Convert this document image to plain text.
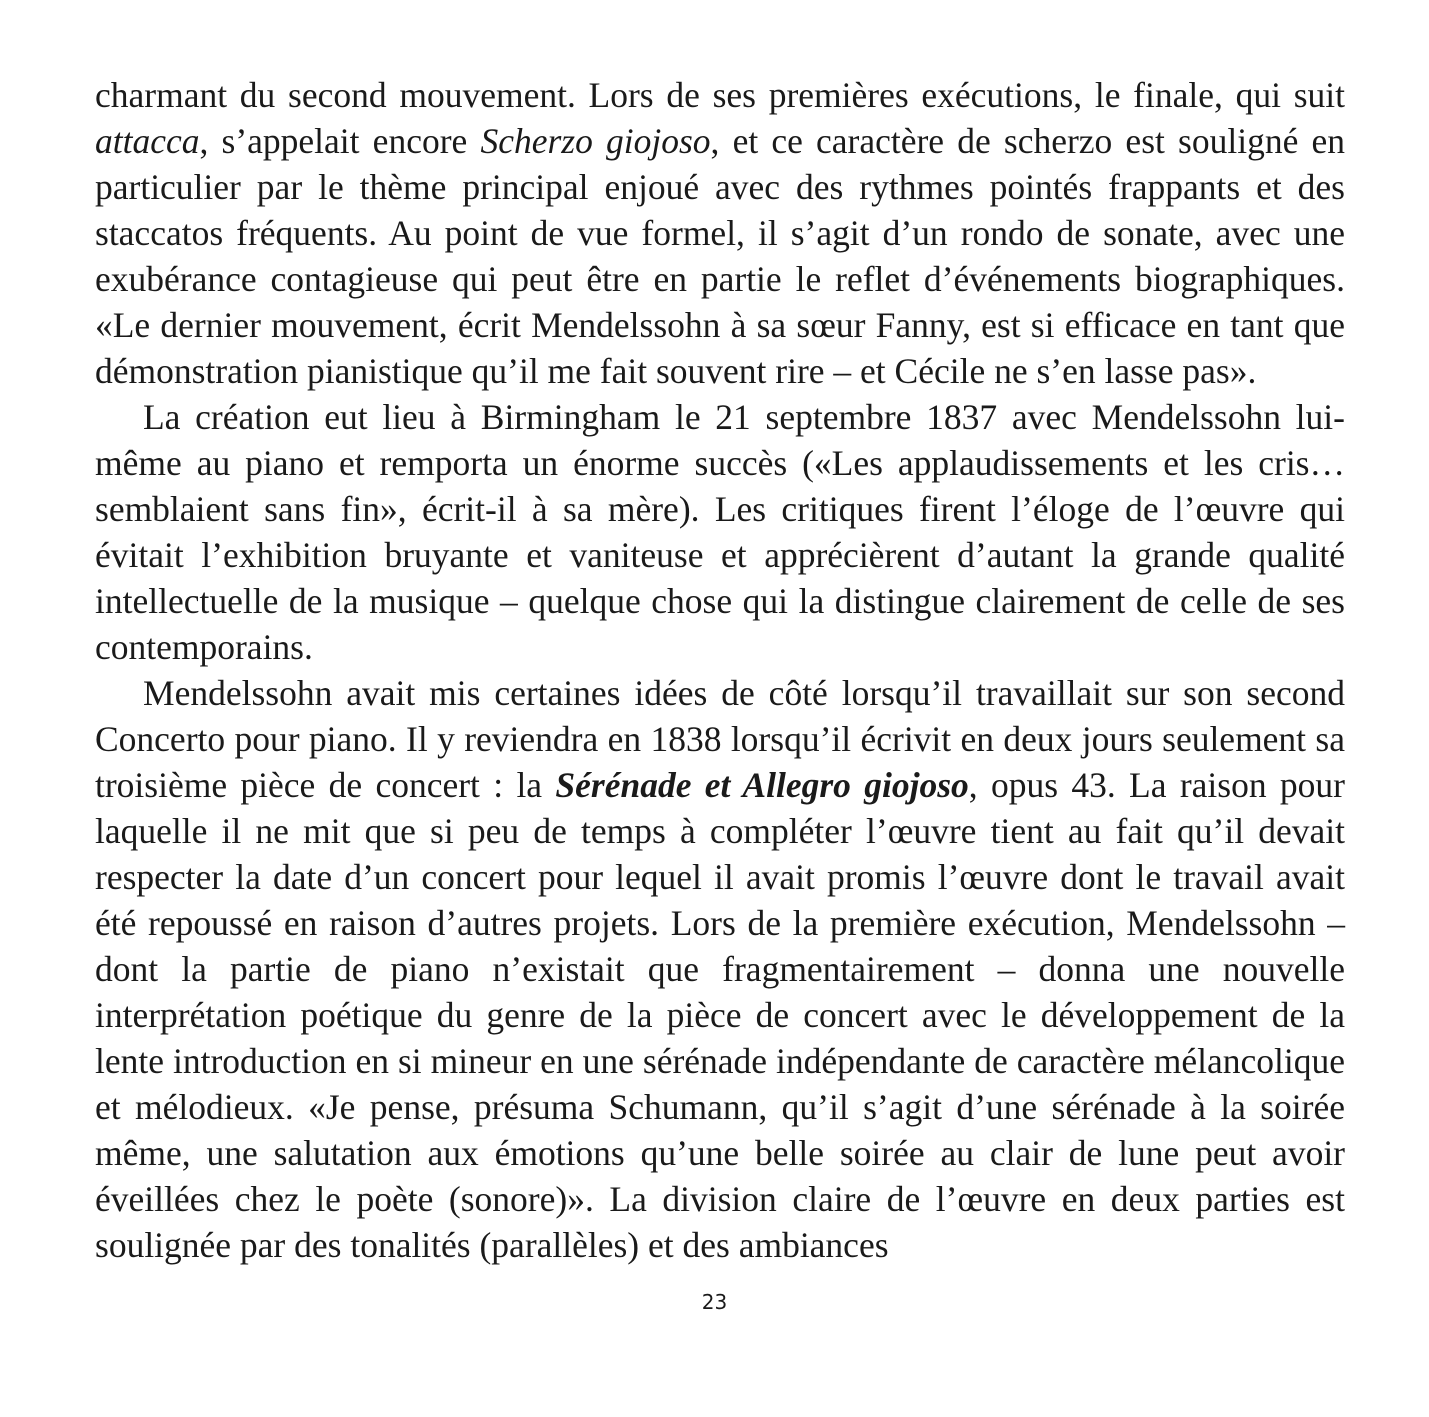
charmant du second mouvement. Lors de ses premières exécutions, le finale, qui suit attacca, s’appelait encore Scherzo giojoso, et ce caractère de scherzo est souligné en particulier par le thème principal enjoué avec des rythmes pointés frappants et des staccatos fréquents. Au point de vue formel, il s’agit d’un rondo de sonate, avec une exubérance contagieuse qui peut être en partie le reflet d’événements biographiques. «Le dernier mouvement, écrit Mendelssohn à sa sœur Fanny, est si efficace en tant que démonstration pianistique qu’il me fait souvent rire – et Cécile ne s’en lasse pas».

La création eut lieu à Birmingham le 21 septembre 1837 avec Mendelssohn luimême au piano et remporta un énorme succès («Les applaudissements et les cris… semblaient sans fin», écrit-il à sa mère). Les critiques firent l’éloge de l’œuvre qui évitait l’exhibition bruyante et vaniteuse et apprécièrent d’autant la grande qualité intellectuelle de la musique – quelque chose qui la distingue clairement de celle de ses contemporains.

Mendelssohn avait mis certaines idées de côté lorsqu’il travaillait sur son second Concerto pour piano. Il y reviendra en 1838 lorsqu’il écrivit en deux jours seulement sa troisième pièce de concert : la Sérénade et Allegro giojoso, opus 43. La raison pour laquelle il ne mit que si peu de temps à compléter l’œuvre tient au fait qu’il devait respecter la date d’un concert pour lequel il avait promis l’œuvre dont le travail avait été repoussé en raison d’autres projets. Lors de la première exécution, Mendelssohn – dont la partie de piano n’existait que fragmentairement – donna une nouvelle interprétation poétique du genre de la pièce de concert avec le développement de la lente introduction en si mineur en une sérénade indépendante de caractère mélancolique et mélodieux. «Je pense, présuma Schumann, qu’il s’agit d’une sérénade à la soirée même, une salutation aux émotions qu’une belle soirée au clair de lune peut avoir éveillées chez le poète (sonore)». La division claire de l’œuvre en deux parties est soulignée par des tonalités (parallèles) et des ambiances

23
